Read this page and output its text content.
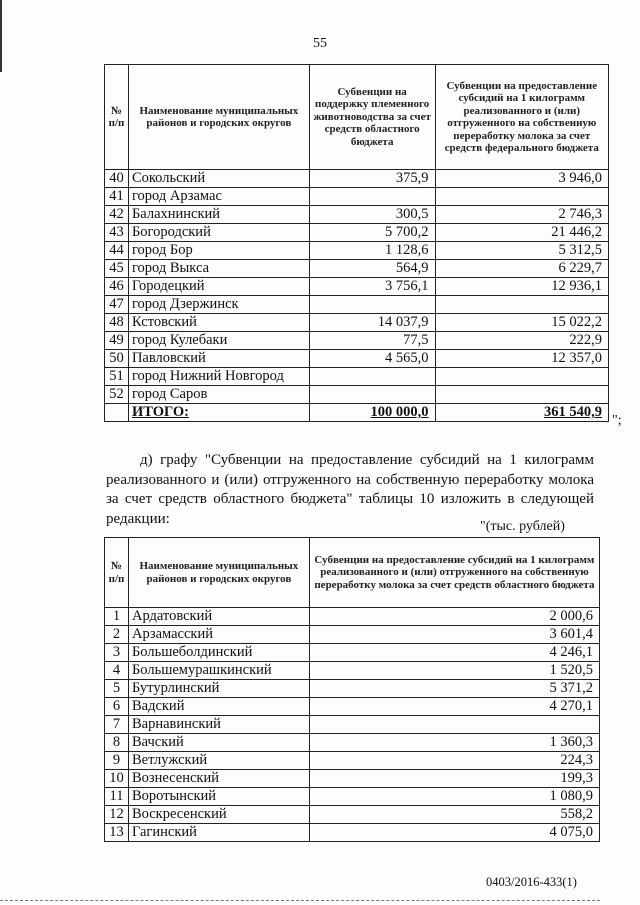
55
№ п/п	Наименование муниципальных районов и городских округов	Субвенции на поддержку племенного животноводства за счет средств областного бюджета	Субвенции на предоставление субсидий на 1 килограмм реализованного и (или) отгруженного на собственную переработку молока за счет средств федерального бюджета
40	Сокольский	375,9	3 946,0
41	город Арзамас		
42	Балахнинский	300,5	2 746,3
43	Богородский	5 700,2	21 446,2
44	город Бор	1 128,6	5 312,5
45	город Выкса	564,9	6 229,7
46	Городецкий	3 756,1	12 936,1
47	город Дзержинск		
48	Кстовский	14 037,9	15 022,2
49	город Кулебаки	77,5	222,9
50	Павловский	4 565,0	12 357,0
51	город Нижний Новгород		
52	город Саров		
	ИТОГО:	100 000,0	361 540,9
";
д) графу "Субвенции на предоставление субсидий на 1 килограмм реализованного и (или) отгруженного на собственную переработку молока за счет средств областного бюджета" таблицы 10 изложить в следующей редакции:	"(тыс. рублей)
№ п/п	Наименование муниципальных районов и городских округов	Субвенции на предоставление субсидий на 1 килограмм реализованного и (или) отгруженного на собственную переработку молока за счет средств областного бюджета
1	Ардатовский	2 000,6
2	Арзамасский	3 601,4
3	Большеболдинский	4 246,1
4	Большемурашкинский	1 520,5
5	Бутурлинский	5 371,2
6	Вадский	4 270,1
7	Варнавинский	
8	Вачский	1 360,3
9	Ветлужский	224,3
10	Вознесенский	199,3
11	Воротынский	1 080,9
12	Воскресенский	558,2
13	Гагинский	4 075,0
0403/2016-433(1)
